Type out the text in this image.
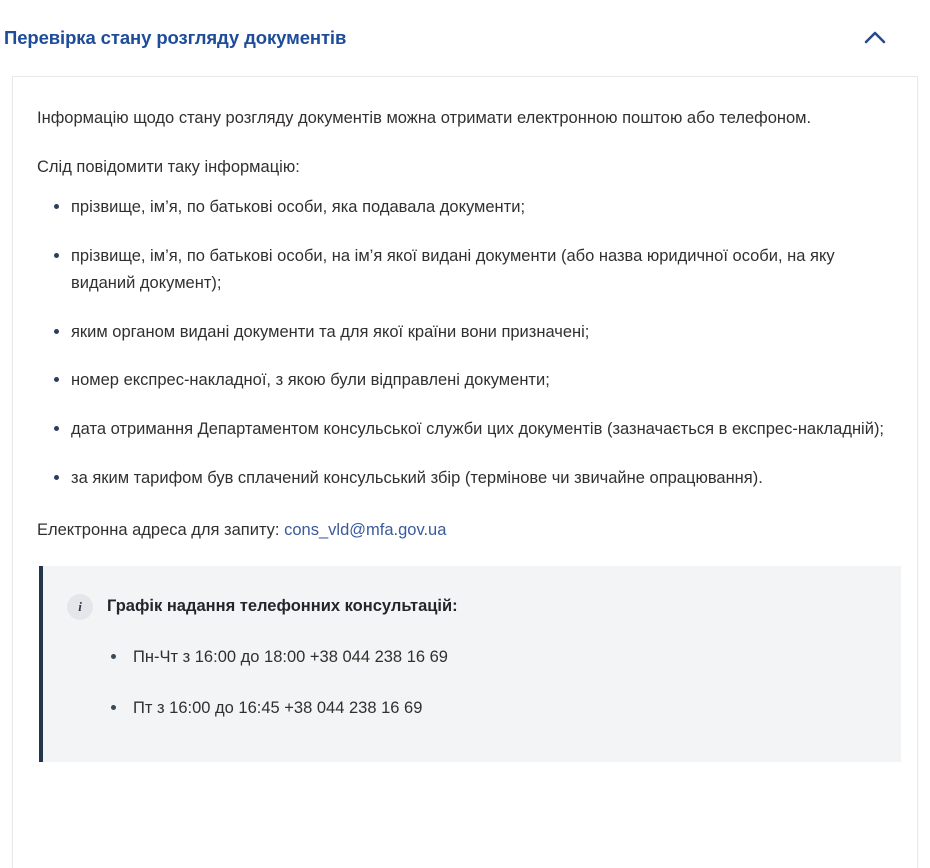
Перевірка стану розгляду документів

Інформацію щодо стану розгляду документів можна отримати електронною поштою або телефоном.

Слід повідомити таку інформацію:

прізвище, ім’я, по батькові особи, яка подавала документи;
прізвище, ім’я, по батькові особи, на ім’я якої видані документи (або назва юридичної особи, на яку виданий документ);
яким органом видані документи та для якої країни вони призначені;
номер експрес-накладної, з якою були відправлені документи;
дата отримання Департаментом консульської служби цих документів (зазначається в експрес-накладній);
за яким тарифом був сплачений консульський збір (термінове чи звичайне опрацювання).

Електронна адреса для запиту: cons_vld@mfa.gov.ua

i	Графік надання телефонних консультацій:
Пн-Чт з 16:00 до 18:00 +38 044 238 16 69
Пт з 16:00 до 16:45 +38 044 238 16 69
